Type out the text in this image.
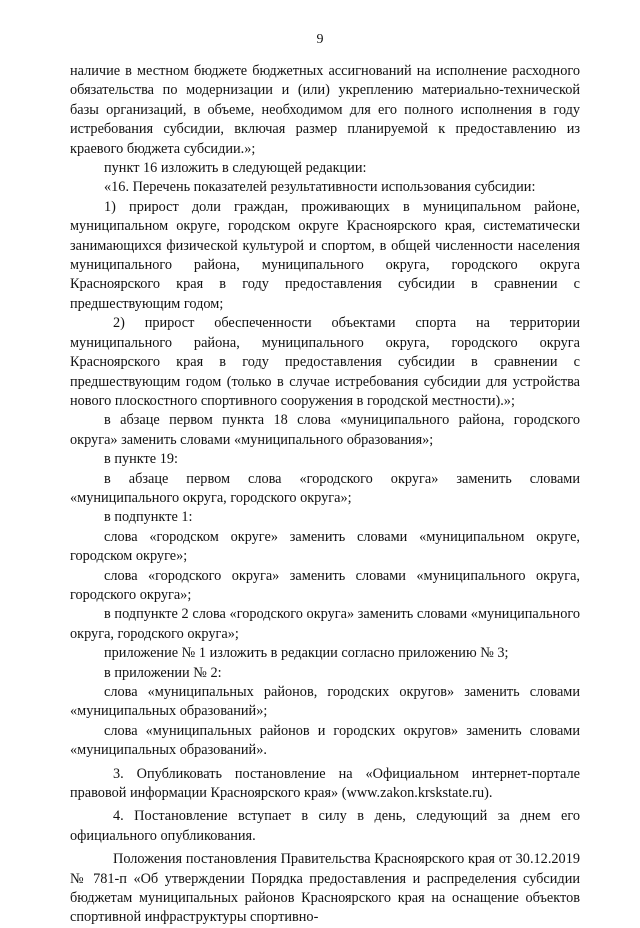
9

наличие в местном бюджете бюджетных ассигнований на исполнение расходного обязательства по модернизации и (или) укреплению материально-технической базы организаций, в объеме, необходимом для его полного исполнения в году истребования субсидии, включая размер планируемой к предоставлению из краевого бюджета субсидии.»;

пункт 16 изложить в следующей редакции:

«16. Перечень показателей результативности использования субсидии:

1) прирост доли граждан, проживающих в муниципальном районе, муниципальном округе, городском округе Красноярского края, систематически занимающихся физической культурой и спортом, в общей численности населения муниципального района, муниципального округа, городского округа Красноярского края в году предоставления субсидии в сравнении с предшествующим годом;

2) прирост обеспеченности объектами спорта на территории муниципального района, муниципального округа, городского округа Красноярского края в году предоставления субсидии в сравнении с предшествующим годом (только в случае истребования субсидии для устройства нового плоскостного спортивного сооружения в городской местности).»;

в абзаце первом пункта 18 слова «муниципального района, городского округа» заменить словами «муниципального образования»;

в пункте 19:

в абзаце первом слова «городского округа» заменить словами «муниципального округа, городского округа»;

в подпункте 1:

слова «городском округе» заменить словами «муниципальном округе, городском округе»;

слова «городского округа» заменить словами «муниципального округа, городского округа»;

в подпункте 2 слова «городского округа» заменить словами «муниципального округа, городского округа»;

приложение № 1 изложить в редакции согласно приложению № 3;

в приложении № 2:

слова «муниципальных районов, городских округов» заменить словами «муниципальных образований»;

слова «муниципальных районов и городских округов» заменить словами «муниципальных образований».

3. Опубликовать постановление на «Официальном интернет-портале правовой информации Красноярского края» (www.zakon.krskstate.ru).

4. Постановление вступает в силу в день, следующий за днем его официального опубликования.

Положения постановления Правительства Красноярского края от 30.12.2019 № 781-п «Об утверждении Порядка предоставления и распределения субсидии бюджетам муниципальных районов Красноярского края на оснащение объектов спортивной инфраструктуры спортивно-
